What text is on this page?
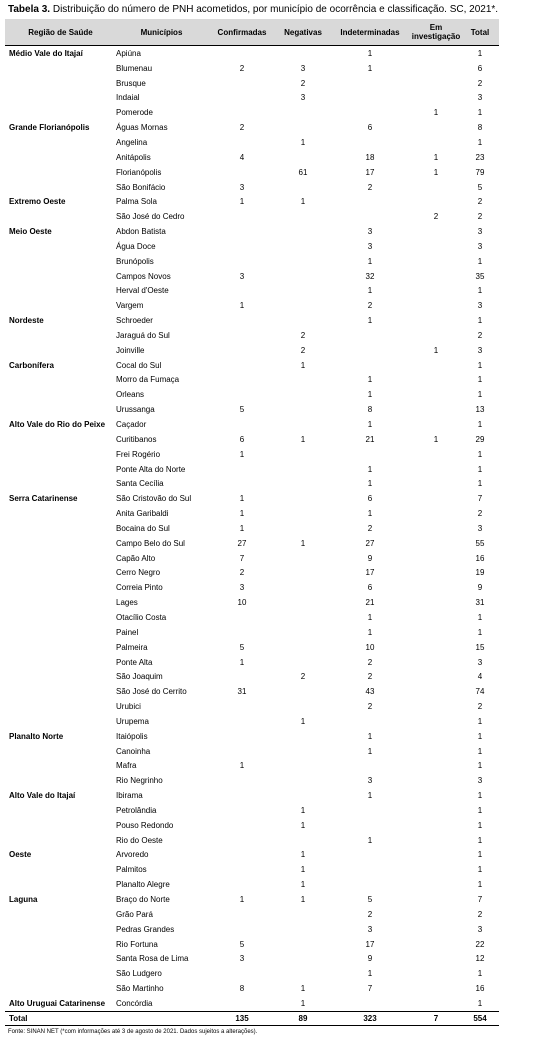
Tabela 3. Distribuição do número de PNH acometidos, por município de ocorrência e classificação. SC, 2021*.
Região de Saúde	Municípios	Confirmadas	Negativas	Indeterminadas	Em investigação	Total
Médio Vale do Itajaí	Apiúna			1		1
	Blumenau	2	3	1		6
	Brusque		2			2
	Indaial		3			3
	Pomerode				1	1
Grande Florianópolis	Águas Mornas	2		6		8
	Angelina		1			1
	Anitápolis	4		18	1	23
	Florianópolis		61	17	1	79
	São Bonifácio	3		2		5
Extremo Oeste	Palma Sola	1	1			2
	São José do Cedro				2	2
Meio Oeste	Abdon Batista			3		3
	Água Doce			3		3
	Brunópolis			1		1
	Campos Novos	3		32		35
	Herval d'Oeste			1		1
	Vargem	1		2		3
Nordeste	Schroeder			1		1
	Jaraguá do Sul		2			2
	Joinville		2		1	3
Carbonífera	Cocal do Sul		1			1
	Morro da Fumaça			1		1
	Orleans			1		1
	Urussanga	5		8		13
Alto Vale do Rio do Peixe	Caçador			1		1
	Curitibanos	6	1	21	1	29
	Frei Rogério	1				1
	Ponte Alta do Norte			1		1
	Santa Cecília			1		1
Serra Catarinense	São Cristovão do Sul	1		6		7
	Anita Garibaldi	1		1		2
	Bocaina do Sul	1		2		3
	Campo Belo do Sul	27	1	27		55
	Capão Alto	7		9		16
	Cerro Negro	2		17		19
	Correia Pinto	3		6		9
	Lages	10		21		31
	Otacílio Costa			1		1
	Painel			1		1
	Palmeira	5		10		15
	Ponte Alta	1		2		3
	São Joaquim		2	2		4
	São José do Cerrito	31		43		74
	Urubici			2		2
	Urupema		1			1
Planalto Norte	Itaiópolis			1		1
	Canoinha			1		1
	Mafra	1				1
	Rio Negrinho			3		3
Alto Vale do Itajaí	Ibirama			1		1
	Petrolândia		1			1
	Pouso Redondo		1			1
	Rio do Oeste			1		1
Oeste	Arvoredo		1			1
	Palmitos		1			1
	Planalto Alegre		1			1
Laguna	Braço do Norte	1	1	5		7
	Grão Pará			2		2
	Pedras Grandes			3		3
	Rio Fortuna	5		17		22
	Santa Rosa de Lima	3		9		12
	São Ludgero			1		1
	São Martinho	8	1	7		16
Alto Uruguai Catarinense	Concórdia		1			1
Total		135	89	323	7	554
Fonte: SINAN NET (*com informações até 3 de agosto de 2021. Dados sujeitos a alterações).
